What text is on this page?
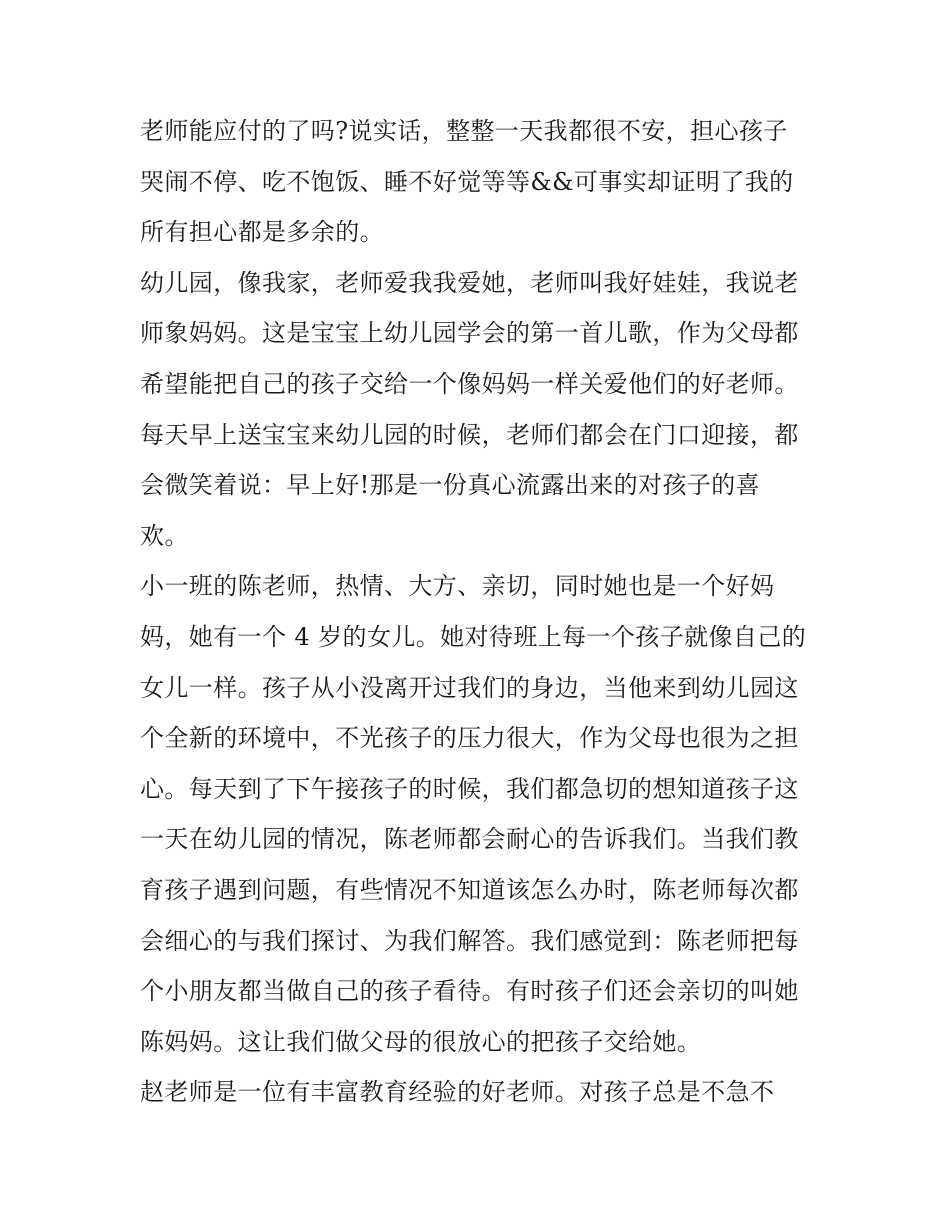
老师能应付的了吗?说实话，整整一天我都很不安，担心孩子
哭闹不停、吃不饱饭、睡不好觉等等&&可事实却证明了我的
所有担心都是多余的。
幼儿园，像我家，老师爱我我爱她，老师叫我好娃娃，我说老
师象妈妈。这是宝宝上幼儿园学会的第一首儿歌，作为父母都
希望能把自己的孩子交给一个像妈妈一样关爱他们的好老师。
每天早上送宝宝来幼儿园的时候，老师们都会在门口迎接，都
会微笑着说：早上好!那是一份真心流露出来的对孩子的喜
欢。
小一班的陈老师，热情、大方、亲切，同时她也是一个好妈
妈，她有一个 4 岁的女儿。她对待班上每一个孩子就像自己的
女儿一样。孩子从小没离开过我们的身边，当他来到幼儿园这
个全新的环境中，不光孩子的压力很大，作为父母也很为之担
心。每天到了下午接孩子的时候，我们都急切的想知道孩子这
一天在幼儿园的情况，陈老师都会耐心的告诉我们。当我们教
育孩子遇到问题，有些情况不知道该怎么办时，陈老师每次都
会细心的与我们探讨、为我们解答。我们感觉到：陈老师把每
个小朋友都当做自己的孩子看待。有时孩子们还会亲切的叫她
陈妈妈。这让我们做父母的很放心的把孩子交给她。
赵老师是一位有丰富教育经验的好老师。对孩子总是不急不
